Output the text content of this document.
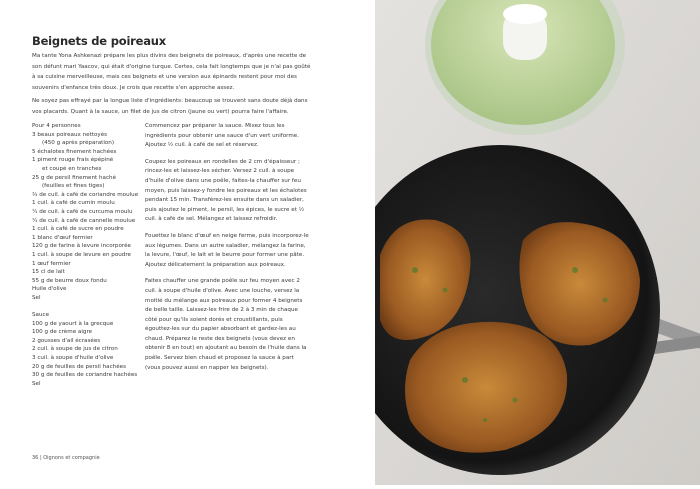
Beignets de poireaux

Ma tante Yona Ashkenazi prépare les plus divins des beignets de poireaux, d'après une recette de son défunt mari Yaacov, qui était d'origine turque. Certes, cela fait longtemps que je n'ai pas goûté à sa cuisine merveilleuse, mais ces beignets et une version aux épinards restent pour moi des souvenirs d'enfance très doux. Je crois que recette s'en approche assez.

Ne soyez pas effrayé par la longue liste d'ingrédients: beaucoup se trouvent sans doute déjà dans vos placards. Quant à la sauce, un filet de jus de citron (jaune ou vert) pourra faire l'affaire.

Pour 4 personnes
3 beaux poireaux nettoyés
(450 g après préparation)
5 échalotes finement hachées
1 piment rouge frais épépiné
et coupé en tranches
25 g de persil finement haché
(feuilles et fines tiges)
¾ de cuil. à café de coriandre moulue
1 cuil. à café de cumin moulu
¼ de cuil. à café de curcuma moulu
¼ de cuil. à café de cannelle moulue
1 cuil. à café de sucre en poudre
1 blanc d'œuf fermier
120 g de farine à levure incorporée
1 cuil. à soupe de levure en poudre
1 œuf fermier
15 cl de lait
55 g de beurre doux fondu
Huile d'olive
Sel
Sauce
100 g de yaourt à la grecque
100 g de crème aigre
2 gousses d'ail écrasées
2 cuil. à soupe de jus de citron
3 cuil. à soupe d'huile d'olive
20 g de feuilles de persil hachées
30 g de feuilles de coriandre hachées
Sel

Commencez par préparer la sauce. Mixez tous les ingrédients pour obtenir une sauce d'un vert uniforme. Ajoutez ½ cuil. à café de sel et réservez.

Coupez les poireaux en rondelles de 2 cm d'épaisseur ; rincez-les et laissez-les sécher. Versez 2 cuil. à soupe d'huile d'olive dans une poêle, faites-la chauffer sur feu moyen, puis laissez-y fondre les poireaux et les échalotes pendant 15 min. Transférez-les ensuite dans un saladier, puis ajoutez le piment, le persil, les épices, le sucre et ½ cuil. à café de sel. Mélangez et laissez refroidir.

Fouettez le blanc d'œuf en neige ferme, puis incorporez-le aux légumes. Dans un autre saladier, mélangez la farine, la levure, l'œuf, le lait et le beurre pour former une pâte. Ajoutez délicatement la préparation aux poireaux.

Faites chauffer une grande poêle sur feu moyen avec 2 cuil. à soupe d'huile d'olive. Avec une louche, versez la moitié du mélange aux poireaux pour former 4 beignets de belle taille. Laissez-les frire de 2 à 3 min de chaque côté pour qu'ils soient dorés et croustillants, puis égouttez-les sur du papier absorbant et gardez-les au chaud. Préparez le reste des beignets (vous devez en obtenir 8 en tout) en ajoutant au besoin de l'huile dans la poêle. Servez bien chaud et proposez la sauce à part (vous pouvez aussi en napper les beignets).

36 | Oignons et compagnie
